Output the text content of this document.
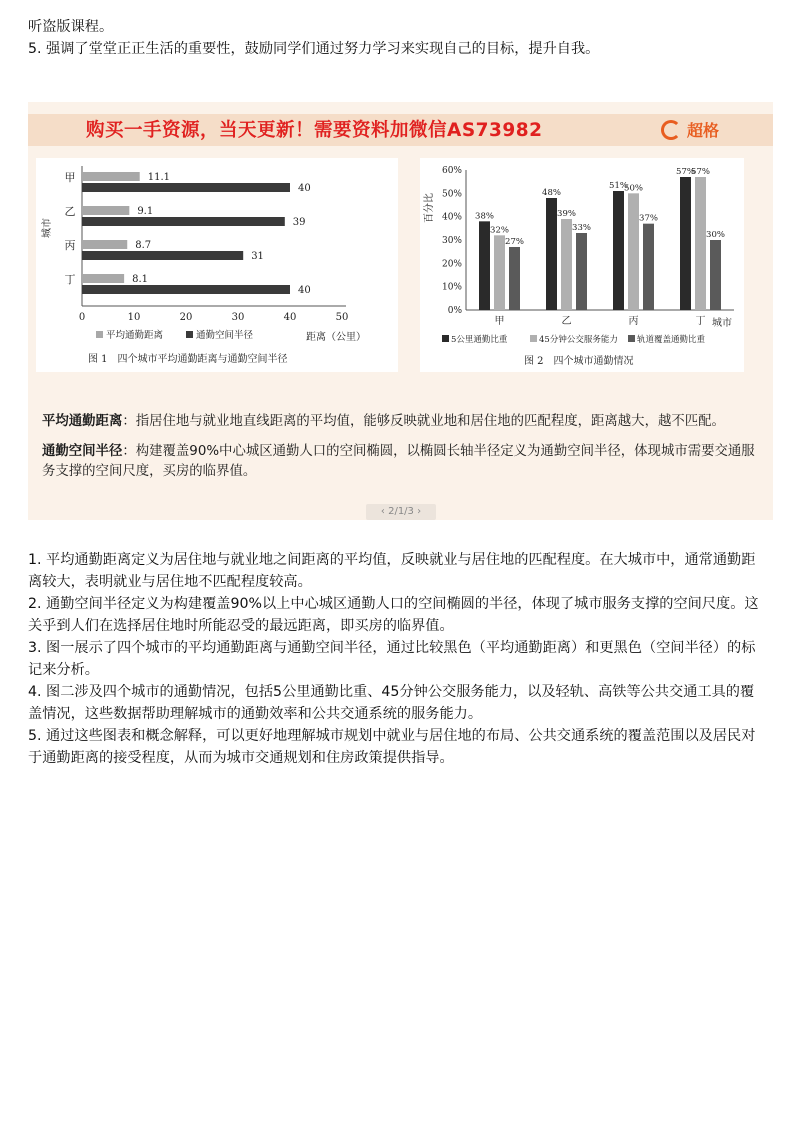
听盗版课程。

5. 强调了堂堂正正生活的重要性，鼓励同学们通过努力学习来实现自己的目标，提升自我。

购买一手资源，当天更新！需要资料加微信AS73982	超格
0	10	20	30	40	50
城市
甲	11.1
40
乙	9.1
39
丙	8.7
31
丁	8.1
40
平均通勤距离	通勤空间半径	距离（公里）
图 1　四个城市平均通勤距离与通勤空间半径
0%
10%
20%
30%
40%
50%
60%
百分比	38%
32%
27%
甲
48%
39%
33%
乙
51%
50%
37%
丙
57%
57%
30%
丁 城市
5公里通勤比重	45分钟公交服务能力 轨道覆盖通勤比重
图 2　四个城市通勤情况

平均通勤距离：指居住地与就业地直线距离的平均值，能够反映就业地和居住地的匹配程度，距离越大，越不匹配。

通勤空间半径：构建覆盖90%中心城区通勤人口的空间椭圆，以椭圆长轴半径定义为通勤空间半径，体现城市需要交通服务支撑的空间尺度，买房的临界值。

‹ 2/1/3 ›

1. 平均通勤距离定义为居住地与就业地之间距离的平均值，反映就业与居住地的匹配程度。在大城市中，通常通勤距离较大，表明就业与居住地不匹配程度较高。

2. 通勤空间半径定义为构建覆盖90%以上中心城区通勤人口的空间椭圆的半径，体现了城市服务支撑的空间尺度。这关乎到人们在选择居住地时所能忍受的最远距离，即买房的临界值。

3. 图一展示了四个城市的平均通勤距离与通勤空间半径，通过比较黑色（平均通勤距离）和更黑色（空间半径）的标记来分析。

4. 图二涉及四个城市的通勤情况，包括5公里通勤比重、45分钟公交服务能力，以及轻轨、高铁等公共交通工具的覆盖情况，这些数据帮助理解城市的通勤效率和公共交通系统的服务能力。

5. 通过这些图表和概念解释，可以更好地理解城市规划中就业与居住地的布局、公共交通系统的覆盖范围以及居民对于通勤距离的接受程度，从而为城市交通规划和住房政策提供指导。
